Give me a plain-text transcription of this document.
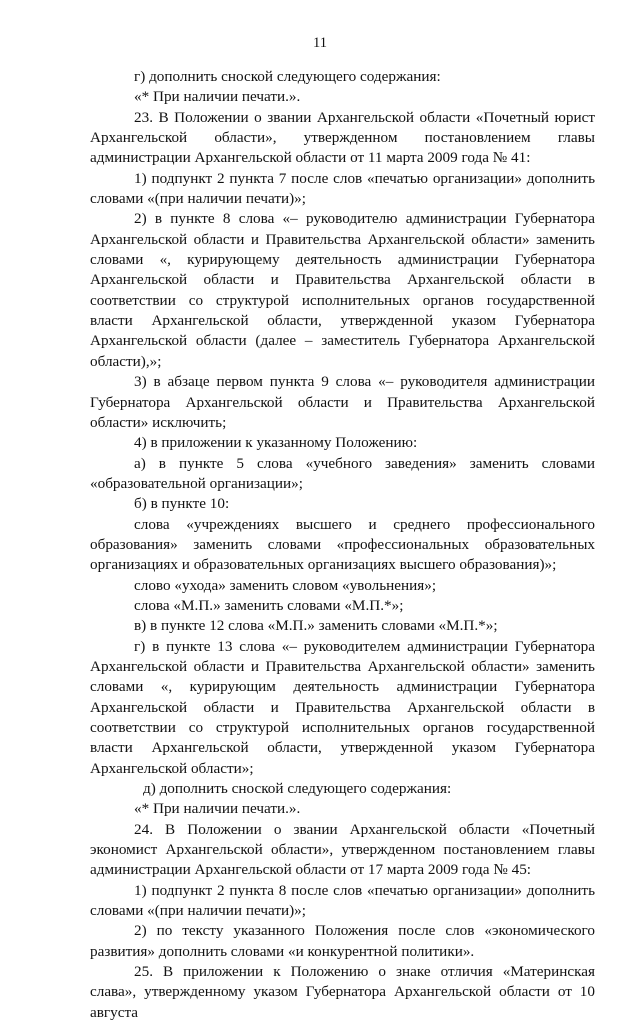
11

г) дополнить сноской следующего содержания:

«* При наличии печати.».

23. В Положении о звании Архангельской области «Почетный юрист Архангельской области», утвержденном постановлением главы администрации Архангельской области от 11 марта 2009 года № 41:

1) подпункт 2 пункта 7 после слов «печатью организации» дополнить словами «(при наличии печати)»;

2) в пункте 8 слова «– руководителю администрации Губернатора Архангельской области и Правительства Архангельской области» заменить словами «, курирующему деятельность администрации Губернатора Архангельской области и Правительства Архангельской области в соответствии со структурой исполнительных органов государственной власти Архангельской области, утвержденной указом Губернатора Архангельской области (далее – заместитель Губернатора Архангельской области),»;

3) в абзаце первом пункта 9 слова «– руководителя администрации Губернатора Архангельской области и Правительства Архангельской области» исключить;

4) в приложении к указанному Положению:

а) в пункте 5 слова «учебного заведения» заменить словами «образовательной организации»;

б) в пункте 10:

слова «учреждениях высшего и среднего профессионального образования» заменить словами «профессиональных образовательных организациях и образовательных организациях высшего образования)»;

слово «ухода» заменить словом «увольнения»;

слова «М.П.» заменить словами «М.П.*»;

в) в пункте 12 слова «М.П.» заменить словами «М.П.*»;

г) в пункте 13 слова «– руководителем администрации Губернатора Архангельской области и Правительства Архангельской области» заменить словами «, курирующим деятельность администрации Губернатора Архангельской области и Правительства Архангельской области в соответствии со структурой исполнительных органов государственной власти Архангельской области, утвержденной указом Губернатора Архангельской области»;

д) дополнить сноской следующего содержания:

«* При наличии печати.».

24. В Положении о звании Архангельской области «Почетный экономист Архангельской области», утвержденном постановлением главы администрации Архангельской области от 17 марта 2009 года № 45:

1) подпункт 2 пункта 8 после слов «печатью организации» дополнить словами «(при наличии печати)»;

2) по тексту указанного Положения после слов «экономического развития» дополнить словами «и конкурентной политики».

25. В приложении к Положению о знаке отличия «Материнская слава», утвержденному указом Губернатора Архангельской области от 10 августа
